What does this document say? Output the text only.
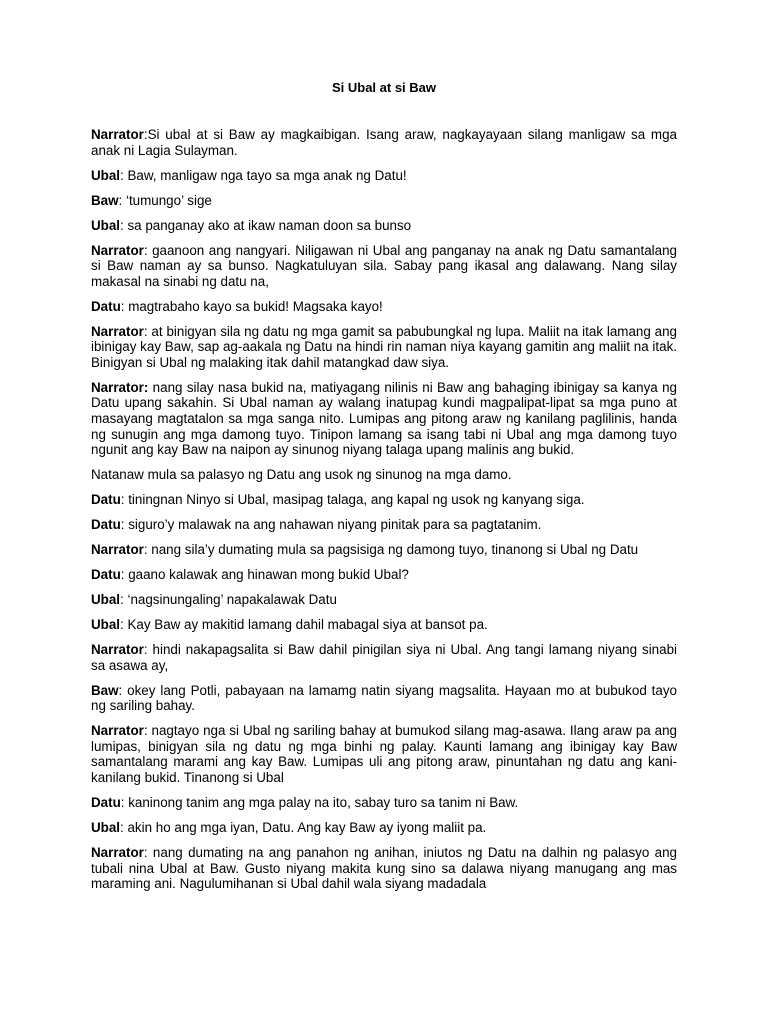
Si Ubal at si Baw

Narrator:Si ubal at si Baw ay magkaibigan. Isang araw, nagkayayaan silang manligaw sa mga anak ni Lagia Sulayman.

Ubal: Baw, manligaw nga tayo sa mga anak ng Datu!

Baw: ‘tumungo’ sige

Ubal: sa panganay ako at ikaw naman doon sa bunso

Narrator: gaanoon ang nangyari. Niligawan ni Ubal ang panganay na anak ng Datu samantalang si Baw naman ay sa bunso. Nagkatuluyan sila. Sabay pang ikasal ang dalawang. Nang silay makasal na sinabi ng datu na,

Datu: magtrabaho kayo sa bukid! Magsaka kayo!

Narrator: at binigyan sila ng datu ng mga gamit sa pabubungkal ng lupa. Maliit na itak lamang ang ibinigay kay Baw, sap ag-aakala ng Datu na hindi rin naman niya kayang gamitin ang maliit na itak. Binigyan si Ubal ng malaking itak dahil matangkad daw siya.

Narrator: nang silay nasa bukid na, matiyagang nilinis ni Baw ang bahaging ibinigay sa kanya ng Datu upang sakahin. Si Ubal naman ay walang inatupag kundi magpalipat-lipat sa mga puno at masayang magtatalon sa mga sanga nito. Lumipas ang pitong araw ng kanilang paglilinis, handa ng sunugin ang mga damong tuyo. Tinipon lamang sa isang tabi ni Ubal ang mga damong tuyo ngunit ang kay Baw na naipon ay sinunog niyang talaga upang malinis ang bukid.

Natanaw mula sa palasyo ng Datu ang usok ng sinunog na mga damo.

Datu: tiningnan Ninyo si Ubal, masipag talaga, ang kapal ng usok ng kanyang siga.

Datu: siguro’y malawak na ang nahawan niyang pinitak para sa pagtatanim.

Narrator: nang sila’y dumating mula sa pagsisiga ng damong tuyo, tinanong si Ubal ng Datu

Datu: gaano kalawak ang hinawan mong bukid Ubal?

Ubal: ‘nagsinungaling’ napakalawak Datu

Ubal: Kay Baw ay makitid lamang dahil mabagal siya at bansot pa.

Narrator: hindi nakapagsalita si Baw dahil pinigilan siya ni Ubal. Ang tangi lamang niyang sinabi sa asawa ay,

Baw: okey lang Potli, pabayaan na lamamg natin siyang magsalita. Hayaan mo at bubukod tayo ng sariling bahay.

Narrator: nagtayo nga si Ubal ng sariling bahay at bumukod silang mag-asawa. Ilang araw pa ang lumipas, binigyan sila ng datu ng mga binhi ng palay. Kaunti lamang ang ibinigay kay Baw samantalang marami ang kay Baw. Lumipas uli ang pitong araw, pinuntahan ng datu ang kani-kanilang bukid. Tinanong si Ubal

Datu: kaninong tanim ang mga palay na ito, sabay turo sa tanim ni Baw.

Ubal: akin ho ang mga iyan, Datu. Ang kay Baw ay iyong maliit pa.

Narrator: nang dumating na ang panahon ng anihan, iniutos ng Datu na dalhin ng palasyo ang tubali nina Ubal at Baw. Gusto niyang makita kung sino sa dalawa niyang manugang ang mas maraming ani. Nagulumihanan si Ubal dahil wala siyang madadala
